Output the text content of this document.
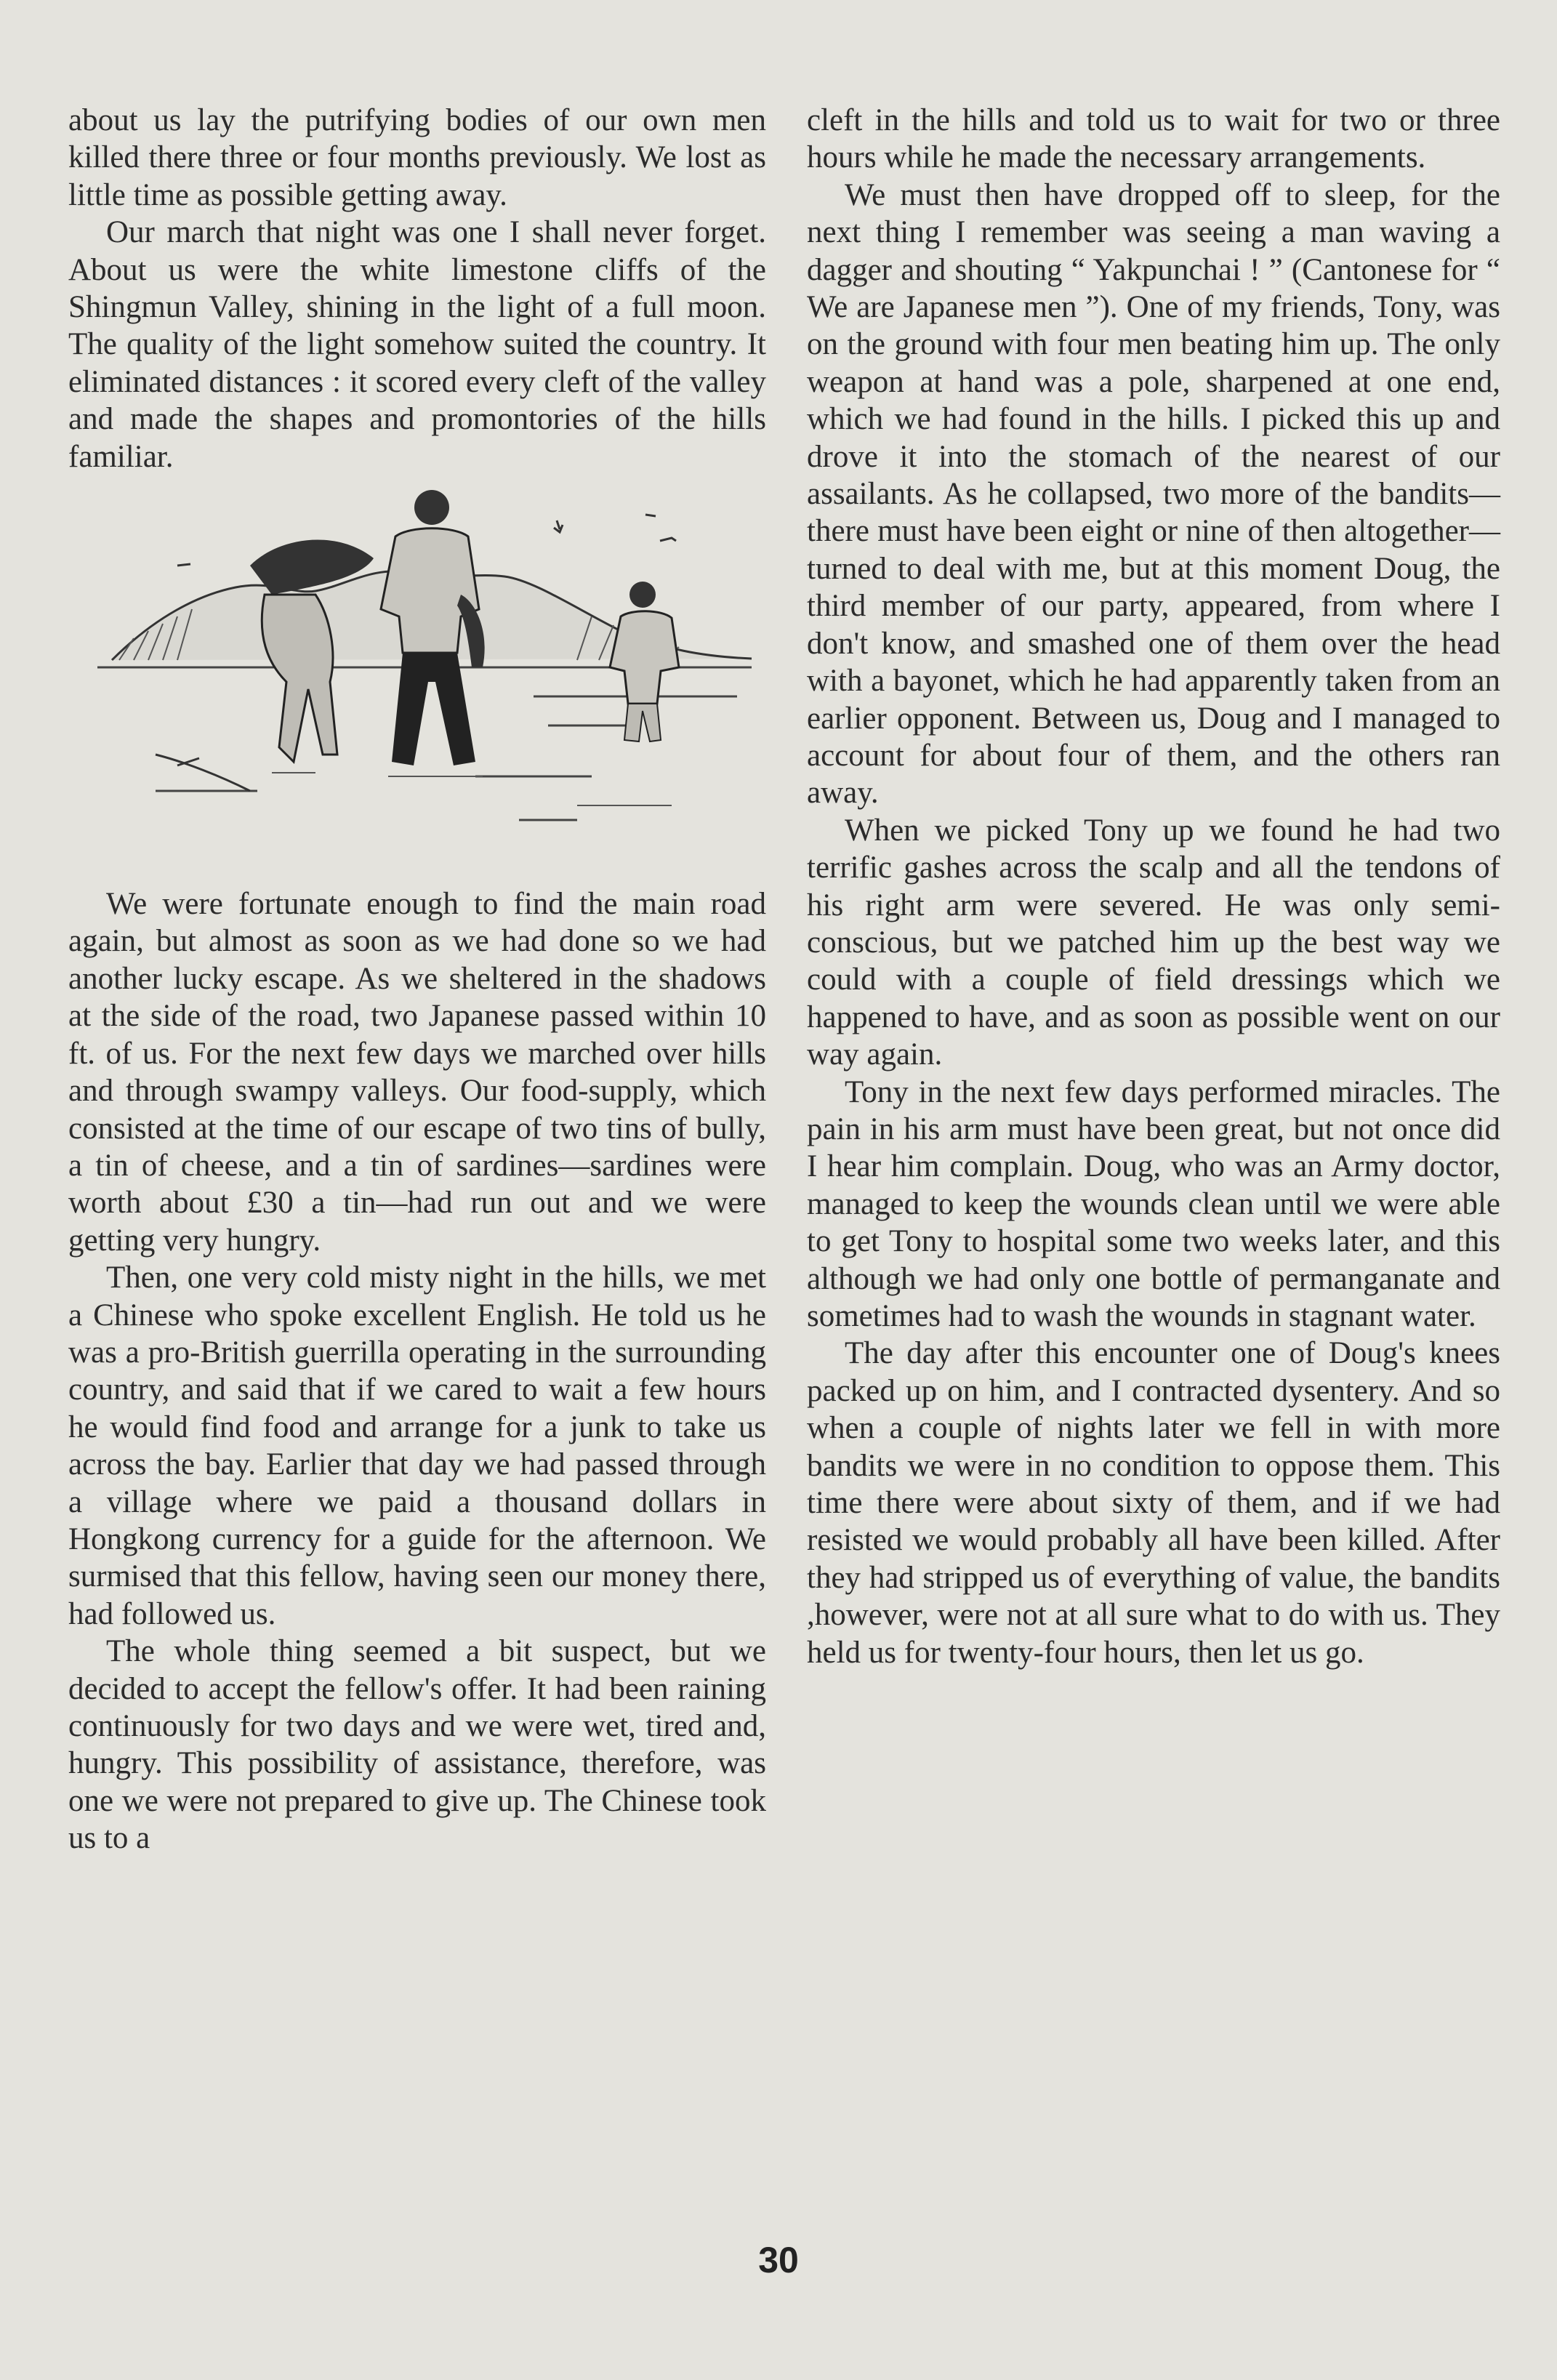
about us lay the putrifying bodies of our own men killed there three or four months previously. We lost as little time as possible getting away.

Our march that night was one I shall never forget. About us were the white limestone cliffs of the Shingmun Valley, shining in the light of a full moon. The quality of the light somehow suited the country. It eliminated distances : it scored every cleft of the valley and made the shapes and promontories of the hills familiar.

We were fortunate enough to find the main road again, but almost as soon as we had done so we had another lucky escape. As we sheltered in the shadows at the side of the road, two Japanese passed within 10 ft. of us. For the next few days we marched over hills and through swampy valleys. Our food-supply, which consisted at the time of our escape of two tins of bully, a tin of cheese, and a tin of sardines—sardines were worth about £30 a tin—had run out and we were getting very hungry.

Then, one very cold misty night in the hills, we met a Chinese who spoke excellent English. He told us he was a pro-British guerrilla operating in the surrounding country, and said that if we cared to wait a few hours he would find food and arrange for a junk to take us across the bay. Earlier that day we had passed through a village where we paid a thousand dollars in Hongkong currency for a guide for the afternoon. We surmised that this fellow, having seen our money there, had followed us.

The whole thing seemed a bit suspect, but we decided to accept the fellow's offer. It had been raining continuously for two days and we were wet, tired and, hungry. This possibility of assistance, therefore, was one we were not prepared to give up. The Chinese took us to a

cleft in the hills and told us to wait for two or three hours while he made the necessary arrangements.

We must then have dropped off to sleep, for the next thing I remember was seeing a man waving a dagger and shouting “ Yakpunchai ! ” (Cantonese for “ We are Japanese men ”). One of my friends, Tony, was on the ground with four men beating him up. The only weapon at hand was a pole, sharpened at one end, which we had found in the hills. I picked this up and drove it into the stomach of the nearest of our assailants. As he collapsed, two more of the bandits—there must have been eight or nine of then altogether—turned to deal with me, but at this moment Doug, the third member of our party, appeared, from where I don't know, and smashed one of them over the head with a bayonet, which he had apparently taken from an earlier opponent. Between us, Doug and I managed to account for about four of them, and the others ran away.

When we picked Tony up we found he had two terrific gashes across the scalp and all the tendons of his right arm were severed. He was only semi-conscious, but we patched him up the best way we could with a couple of field dressings which we happened to have, and as soon as possible went on our way again.

Tony in the next few days performed miracles. The pain in his arm must have been great, but not once did I hear him complain. Doug, who was an Army doctor, managed to keep the wounds clean until we were able to get Tony to hospital some two weeks later, and this although we had only one bottle of permanganate and sometimes had to wash the wounds in stagnant water.

The day after this encounter one of Doug's knees packed up on him, and I contracted dysentery. And so when a couple of nights later we fell in with more bandits we were in no condition to oppose them. This time there were about sixty of them, and if we had resisted we would probably all have been killed. After they had stripped us of everything of value, the bandits ,however, were not at all sure what to do with us. They held us for twenty-four hours, then let us go.

30
